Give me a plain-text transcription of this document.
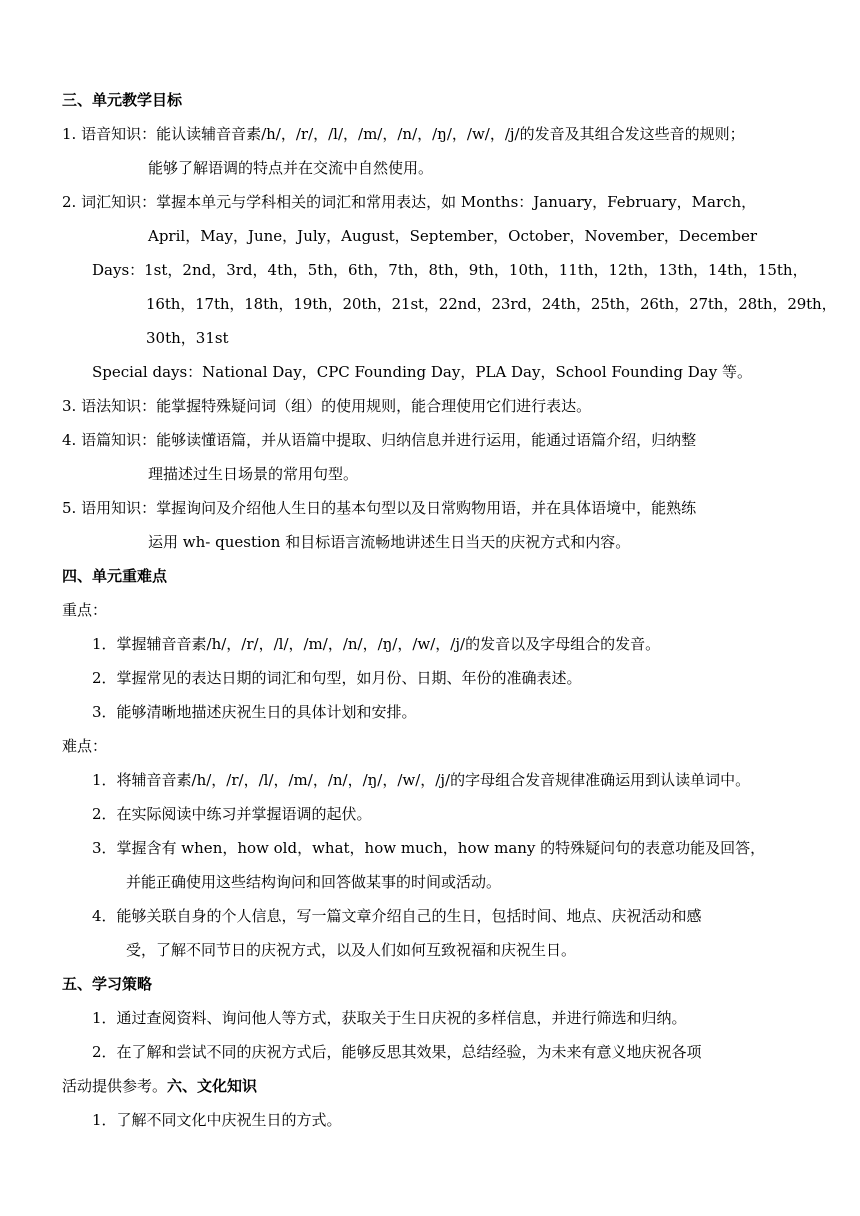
三、单元教学目标
1. 语音知识：能认读辅音音素/h/，/r/，/l/，/m/，/n/，/ŋ/，/w/，/j/的发音及其组合发这些音的规则；
能够了解语调的特点并在交流中自然使用。
2. 词汇知识：掌握本单元与学科相关的词汇和常用表达，如 Months：January，February，March，
April，May，June，July，August，September，October，November，December
Days：1st，2nd，3rd，4th，5th，6th，7th，8th，9th，10th，11th，12th，13th，14th，15th，
16th，17th，18th，19th，20th，21st，22nd，23rd，24th，25th，26th，27th，28th，29th，
30th，31st
Special days：National Day，CPC Founding Day，PLA Day，School Founding Day 等。
3. 语法知识：能掌握特殊疑问词（组）的使用规则，能合理使用它们进行表达。
4. 语篇知识：能够读懂语篇，并从语篇中提取、归纳信息并进行运用，能通过语篇介绍，归纳整
理描述过生日场景的常用句型。
5. 语用知识：掌握询问及介绍他人生日的基本句型以及日常购物用语，并在具体语境中，能熟练
运用 wh- question 和目标语言流畅地讲述生日当天的庆祝方式和内容。
四、单元重难点
重点：
1．掌握辅音音素/h/，/r/，/l/，/m/，/n/，/ŋ/，/w/，/j/的发音以及字母组合的发音。
2．掌握常见的表达日期的词汇和句型，如月份、日期、年份的准确表述。
3．能够清晰地描述庆祝生日的具体计划和安排。
难点：
1．将辅音音素/h/，/r/，/l/，/m/，/n/，/ŋ/，/w/，/j/的字母组合发音规律准确运用到认读单词中。
2．在实际阅读中练习并掌握语调的起伏。
3．掌握含有 when，how old，what，how much，how many 的特殊疑问句的表意功能及回答，
并能正确使用这些结构询问和回答做某事的时间或活动。
4．能够关联自身的个人信息，写一篇文章介绍自己的生日，包括时间、地点、庆祝活动和感
受，了解不同节日的庆祝方式，以及人们如何互致祝福和庆祝生日。
五、学习策略
1．通过查阅资料、询问他人等方式，获取关于生日庆祝的多样信息，并进行筛选和归纳。
2．在了解和尝试不同的庆祝方式后，能够反思其效果，总结经验，为未来有意义地庆祝各项
活动提供参考。六、文化知识
1．了解不同文化中庆祝生日的方式。
